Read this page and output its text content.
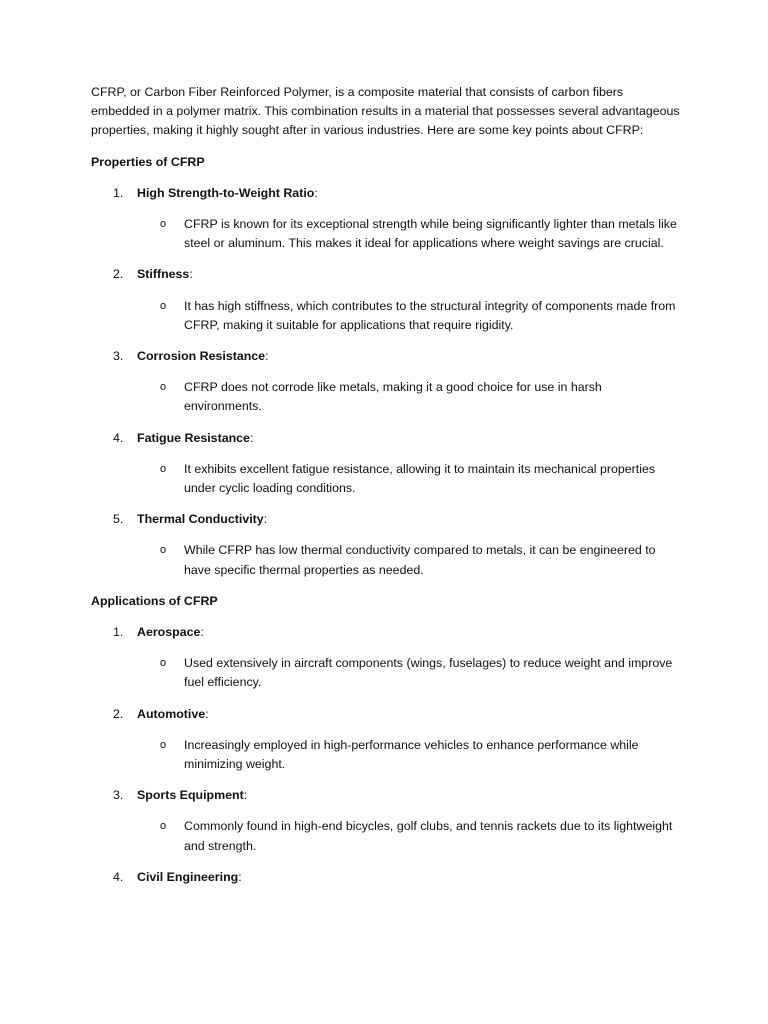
CFRP, or Carbon Fiber Reinforced Polymer, is a composite material that consists of carbon fibers embedded in a polymer matrix. This combination results in a material that possesses several advantageous properties, making it highly sought after in various industries. Here are some key points about CFRP:

Properties of CFRP

1. High Strength-to-Weight Ratio:
o CFRP is known for its exceptional strength while being significantly lighter than metals like steel or aluminum. This makes it ideal for applications where weight savings are crucial.
2. Stiffness:
o It has high stiffness, which contributes to the structural integrity of components made from CFRP, making it suitable for applications that require rigidity.
3. Corrosion Resistance:
o CFRP does not corrode like metals, making it a good choice for use in harsh environments.
4. Fatigue Resistance:
o It exhibits excellent fatigue resistance, allowing it to maintain its mechanical properties under cyclic loading conditions.
5. Thermal Conductivity:
o While CFRP has low thermal conductivity compared to metals, it can be engineered to have specific thermal properties as needed.

Applications of CFRP

1. Aerospace:
o Used extensively in aircraft components (wings, fuselages) to reduce weight and improve fuel efficiency.
2. Automotive:
o Increasingly employed in high-performance vehicles to enhance performance while minimizing weight.
3. Sports Equipment:
o Commonly found in high-end bicycles, golf clubs, and tennis rackets due to its lightweight and strength.
4. Civil Engineering:
